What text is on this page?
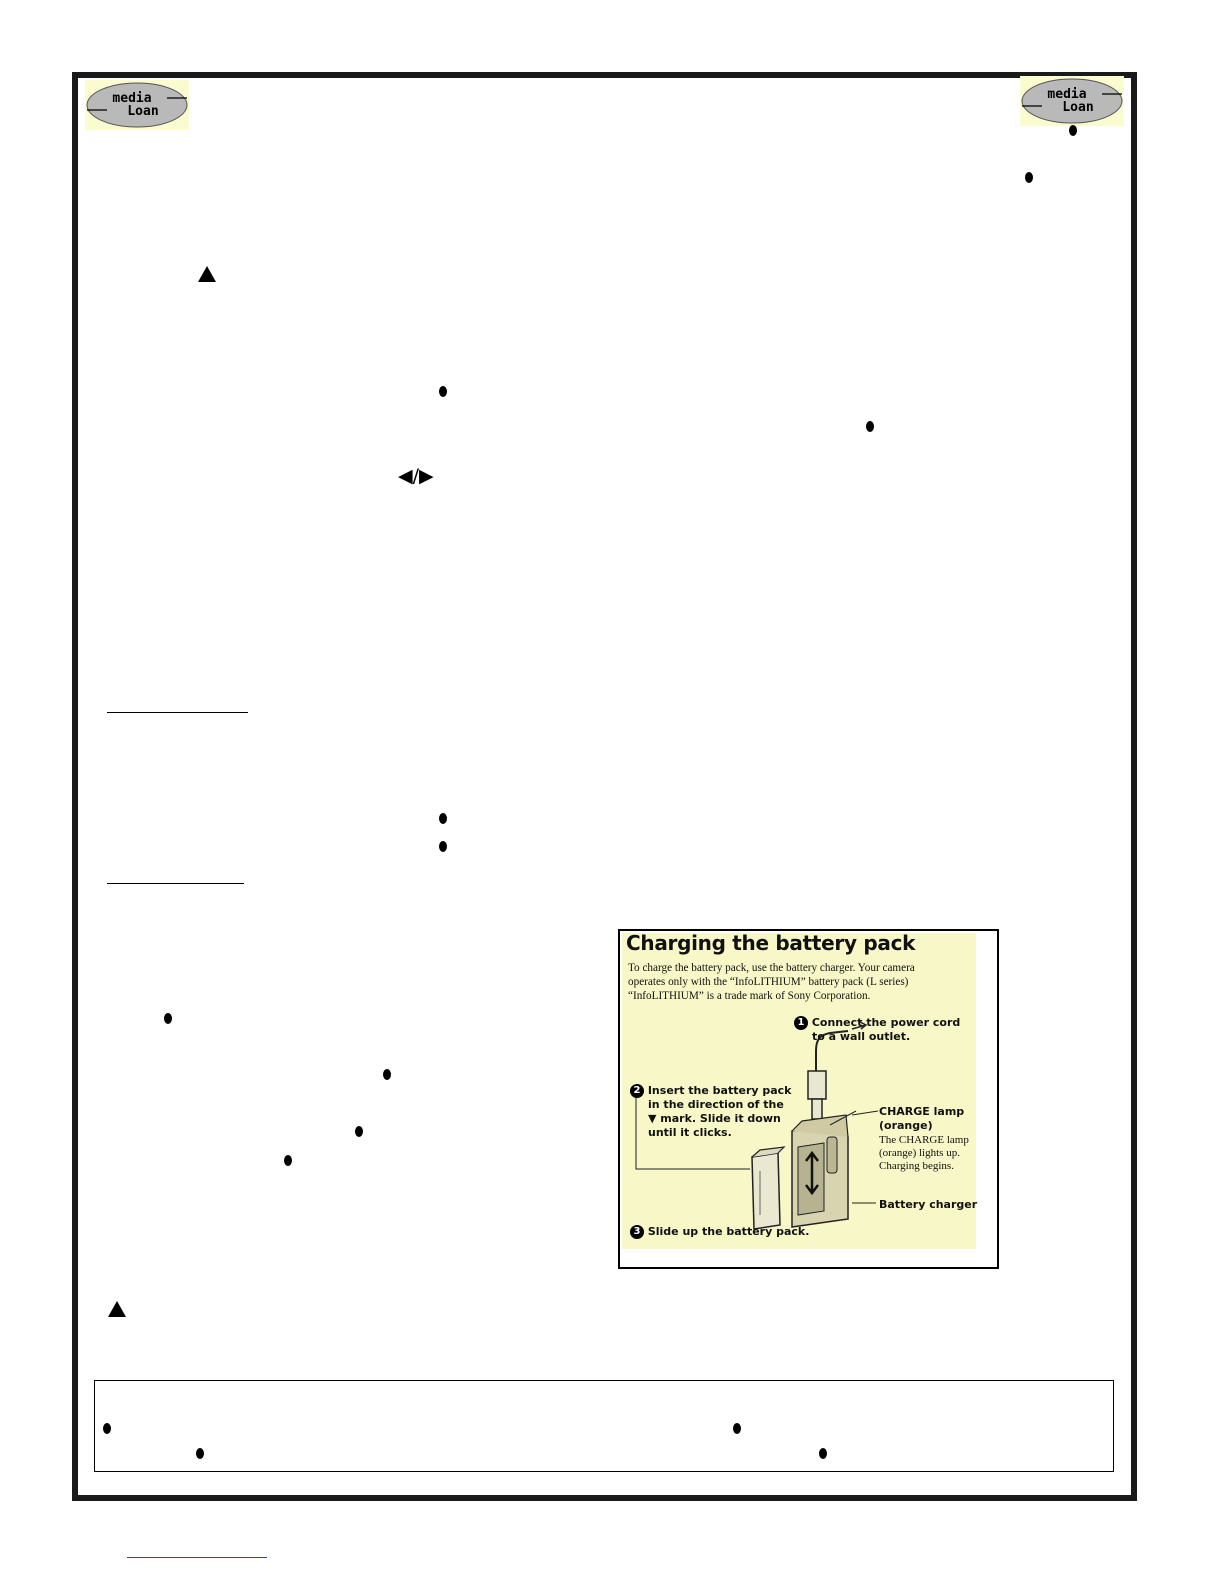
media
Loan
media
Loan
◀/▶
Charging the battery pack
To charge the battery pack, use the battery charger. Your camera
operates only with the “InfoLITHIUM” battery pack (L series)
“InfoLITHIUM” is a trade mark of Sony Corporation.
1 Connect the power cord
to a wall outlet.
2 Insert the battery pack
in the direction of the
▼ mark. Slide it down
until it clicks.
CHARGE lamp
(orange)
The CHARGE lamp
(orange) lights up.
Charging begins.
Battery charger
3 Slide up the battery pack.
